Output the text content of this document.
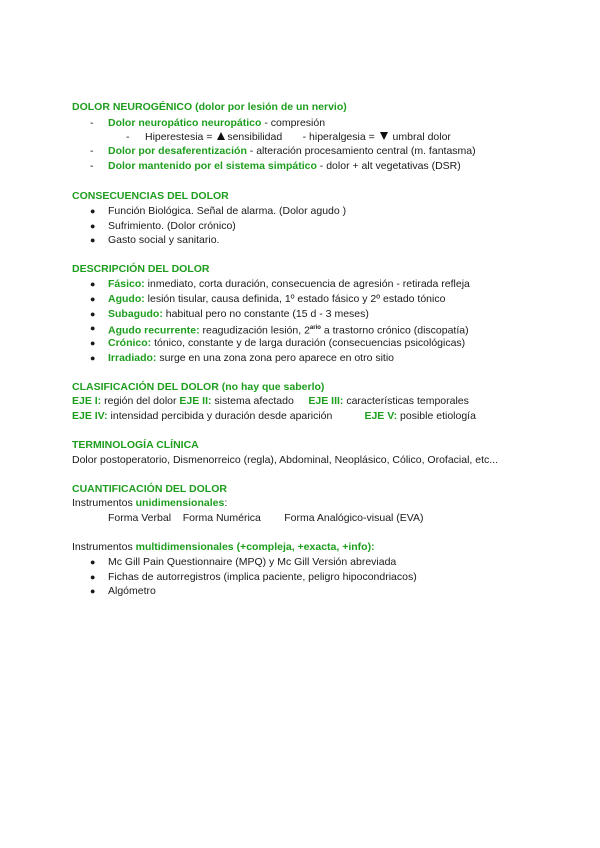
DOLOR NEUROGÉNICO (dolor por lesión de un nervio)
- Dolor neuropático neuropático - compresión
- Hiperestesia = sensibilidad       - hiperalgesia =  umbral dolor
- Dolor por desaferentización - alteración procesamiento central (m. fantasma)
- Dolor mantenido por el sistema simpático - dolor + alt vegetativas (DSR)
CONSECUENCIAS DEL DOLOR
● Función Biológica. Señal de alarma. (Dolor agudo )
● Sufrimiento. (Dolor crónico)
● Gasto social y sanitario.
DESCRIPCIÓN DEL DOLOR
● Fásico: inmediato, corta duración, consecuencia de agresión - retirada refleja
● Agudo: lesión tisular, causa definida, 1º estado fásico y 2º estado tónico
● Subagudo: habitual pero no constante (15 d - 3 meses)
● Agudo recurrente: reagudización lesión, $2^{ario}$ a trastorno crónico (discopatía)
● Crónico: tónico, constante y de larga duración (consecuencias psicológicas)
● Irradiado: surge en una zona zona pero aparece en otro sitio
CLASIFICACIÓN DEL DOLOR (no hay que saberlo)
EJE I: región del dolor EJE II: sistema afectado EJE III: características temporales
EJE IV: intensidad percibida y duración desde aparición	EJE V: posible etiología
TERMINOLOGÍA CLÍNICA
Dolor postoperatorio, Dismenorreico (regla), Abdominal, Neoplásico, Cólico, Orofacial, etc...
CUANTIFICACIÓN DEL DOLOR
Instrumentos unidimensionales:
Forma Verbal Forma Numérica Forma Analógico-visual (EVA)
Instrumentos multidimensionales (+compleja, +exacta, +info):
● Mc Gill Pain Questionnaire (MPQ) y Mc Gill Versión abreviada
● Fichas de autorregistros (implica paciente, peligro hipocondriacos)
● Algómetro
